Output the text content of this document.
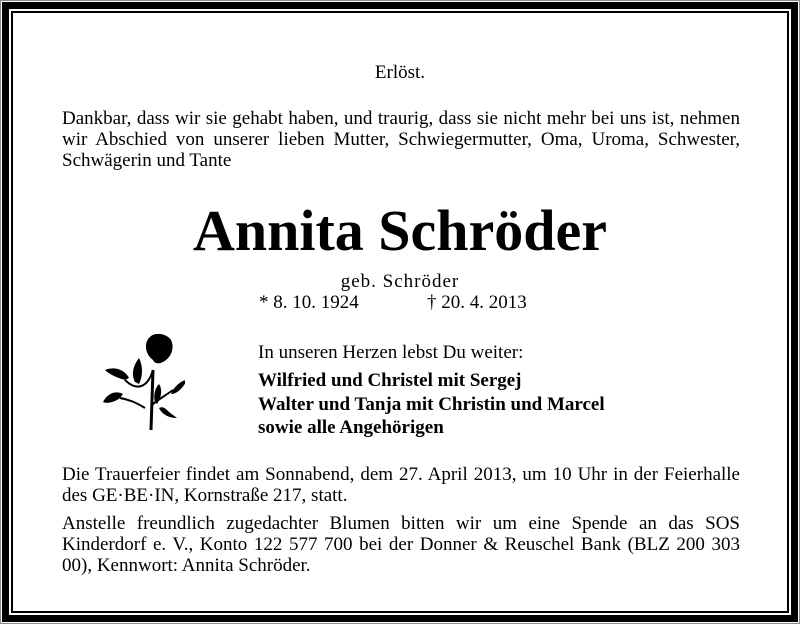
Erlöst.
Dankbar, dass wir sie gehabt haben, und traurig, dass sie nicht mehr bei uns ist, nehmen wir Abschied von unserer lieben Mutter, Schwiegermutter, Oma, Uroma, Schwester, Schwägerin und Tante
Annita Schröder
geb. Schröder
* 8. 10. 1924	† 20. 4. 2013
In unseren Herzen lebst Du weiter:
Wilfried und Christel mit Sergej
Walter und Tanja mit Christin und Marcel
sowie alle Angehörigen
Die Trauerfeier findet am Sonnabend, dem 27. April 2013, um 10 Uhr in der Feierhalle des GE·BE·IN, Kornstraße 217, statt.
Anstelle freundlich zugedachter Blumen bitten wir um eine Spende an das SOS Kinderdorf e. V., Konto 122 577 700 bei der Donner & Reuschel Bank (BLZ 200 303 00), Kennwort: Annita Schröder.
